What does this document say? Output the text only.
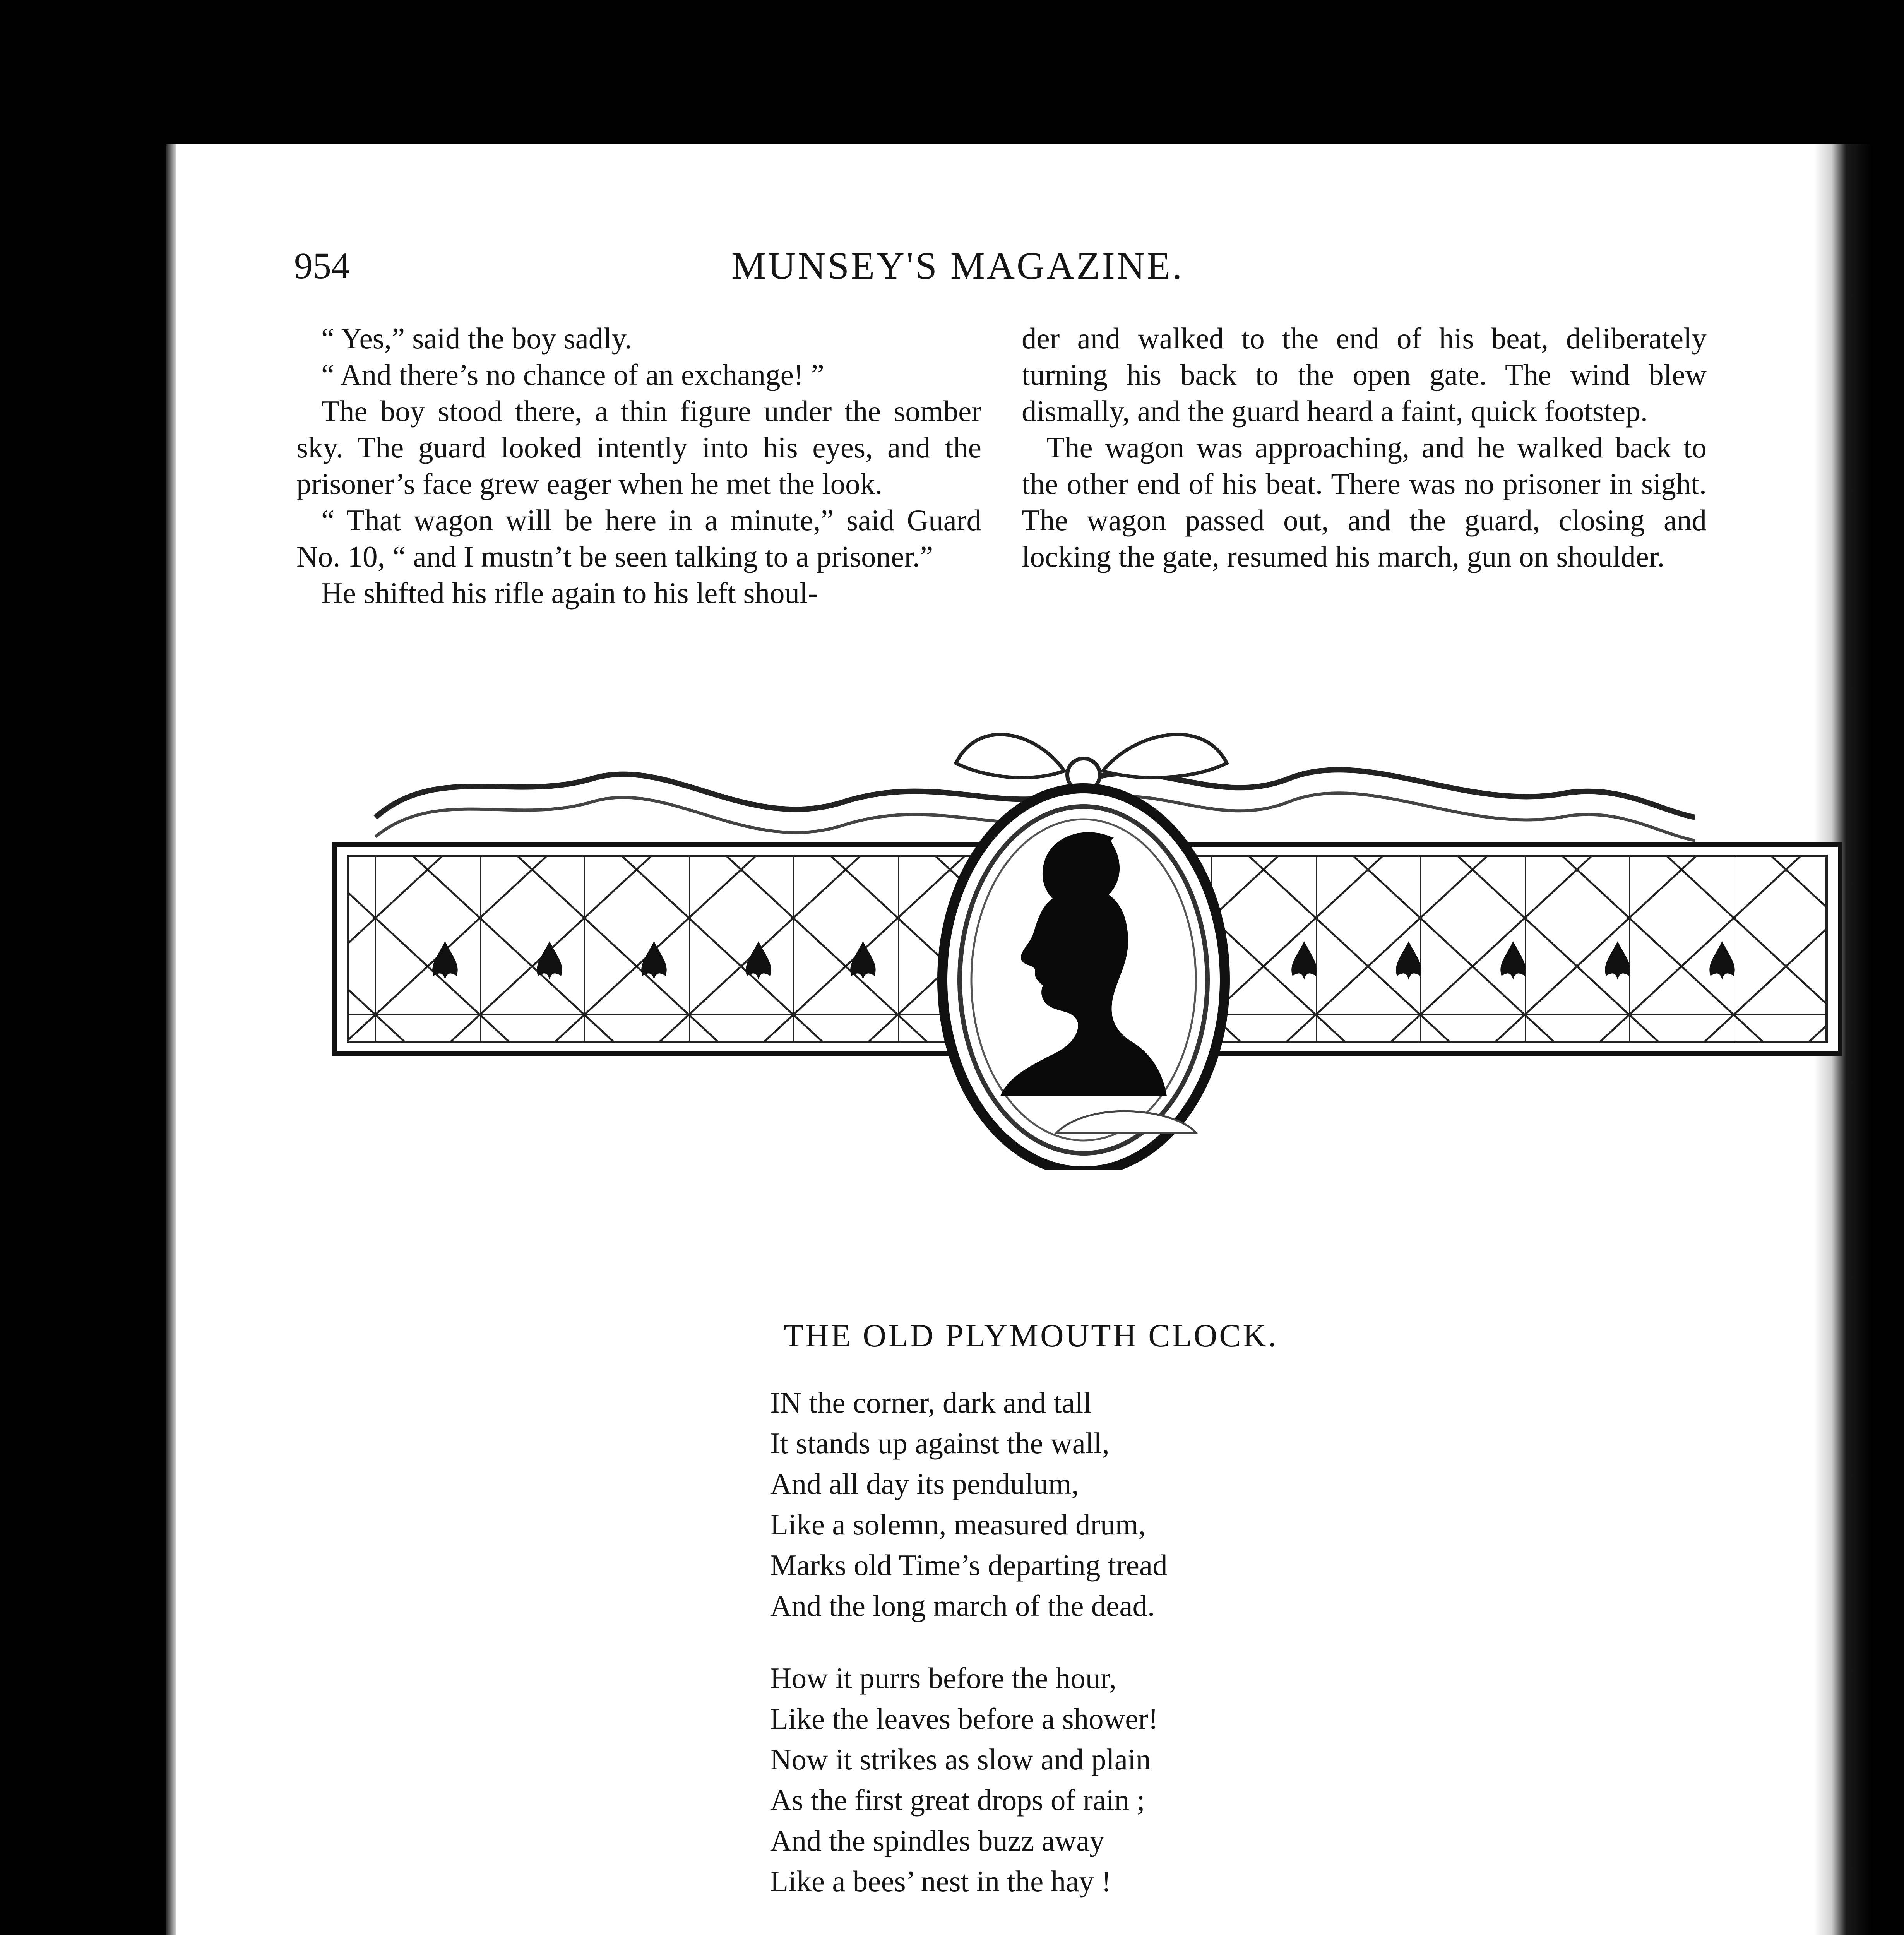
954	MUNSEY'S MAGAZINE.

“ Yes,” said the boy sadly.

“ And there’s no chance of an exchange! ”

The boy stood there, a thin figure under the somber sky. The guard looked intently into his eyes, and the prisoner’s face grew eager when he met the look.

“ That wagon will be here in a minute,” said Guard No. 10, “ and I mustn’t be seen talking to a prisoner.”

He shifted his rifle again to his left shoul-

der and walked to the end of his beat, deliberately turning his back to the open gate. The wind blew dismally, and the guard heard a faint, quick footstep.

The wagon was approaching, and he walked back to the other end of his beat. There was no prisoner in sight. The wagon passed out, and the guard, closing and locking the gate, resumed his march, gun on shoulder.

THE OLD PLYMOUTH CLOCK.
IN the corner, dark and tall
It stands up against the wall,
And all day its pendulum,
Like a solemn, measured drum,
Marks old Time’s departing tread
And the long march of the dead.
How it purrs before the hour,
Like the leaves before a shower!
Now it strikes as slow and plain
As the first great drops of rain ;
And the spindles buzz away
Like a bees’ nest in the hay !
